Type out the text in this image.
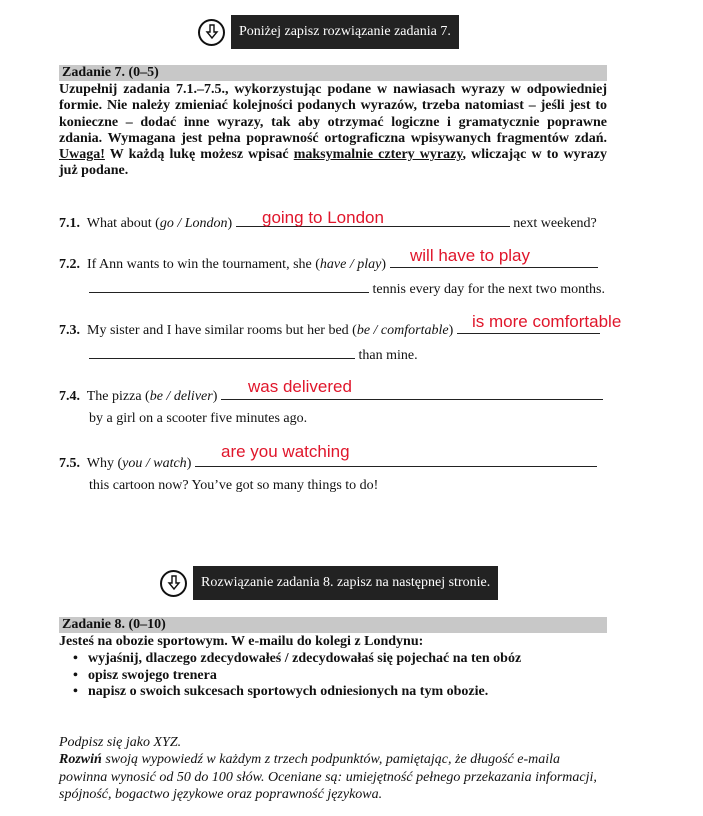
Poniżej zapisz rozwiązanie zadania 7.
Zadanie 7. (0–5)
Uzupełnij zadania 7.1.–7.5., wykorzystując podane w nawiasach wyrazy w odpowiedniej formie. Nie należy zmieniać kolejności podanych wyrazów, trzeba natomiast – jeśli jest to konieczne – dodać inne wyrazy, tak aby otrzymać logiczne i gramatycznie poprawne zdania. Wymagana jest pełna poprawność ortograficzna wpisywanych fragmentów zdań. Uwaga! W każdą lukę możesz wpisać maksymalnie cztery wyrazy, wliczając w to wyrazy już podane.
7.1. What about (go / London)	next weekend?
going to London
7.2. If Ann wants to win the tournament, she (have / play)
tennis every day for the next two months.
will have to play
7.3. My sister and I have similar rooms but her bed (be / comfortable)
than mine.
is more comfortable
7.4. The pizza (be / deliver)
by a girl on a scooter five minutes ago.
was delivered
7.5. Why (you / watch)
this cartoon now? You’ve got so many things to do!
are you watching
Rozwiązanie zadania 8. zapisz na następnej stronie.
Zadanie 8. (0–10)
Jesteś na obozie sportowym. W e-mailu do kolegi z Londynu:
• wyjaśnij, dlaczego zdecydowałeś / zdecydowałaś się pojechać na ten obóz
• opisz swojego trenera
• napisz o swoich sukcesach sportowych odniesionych na tym obozie.
Podpisz się jako XYZ.
Rozwiń swoją wypowiedź w każdym z trzech podpunktów, pamiętając, że długość e-maila powinna wynosić od 50 do 100 słów. Oceniane są: umiejętność pełnego przekazania informacji, spójność, bogactwo językowe oraz poprawność językowa.
